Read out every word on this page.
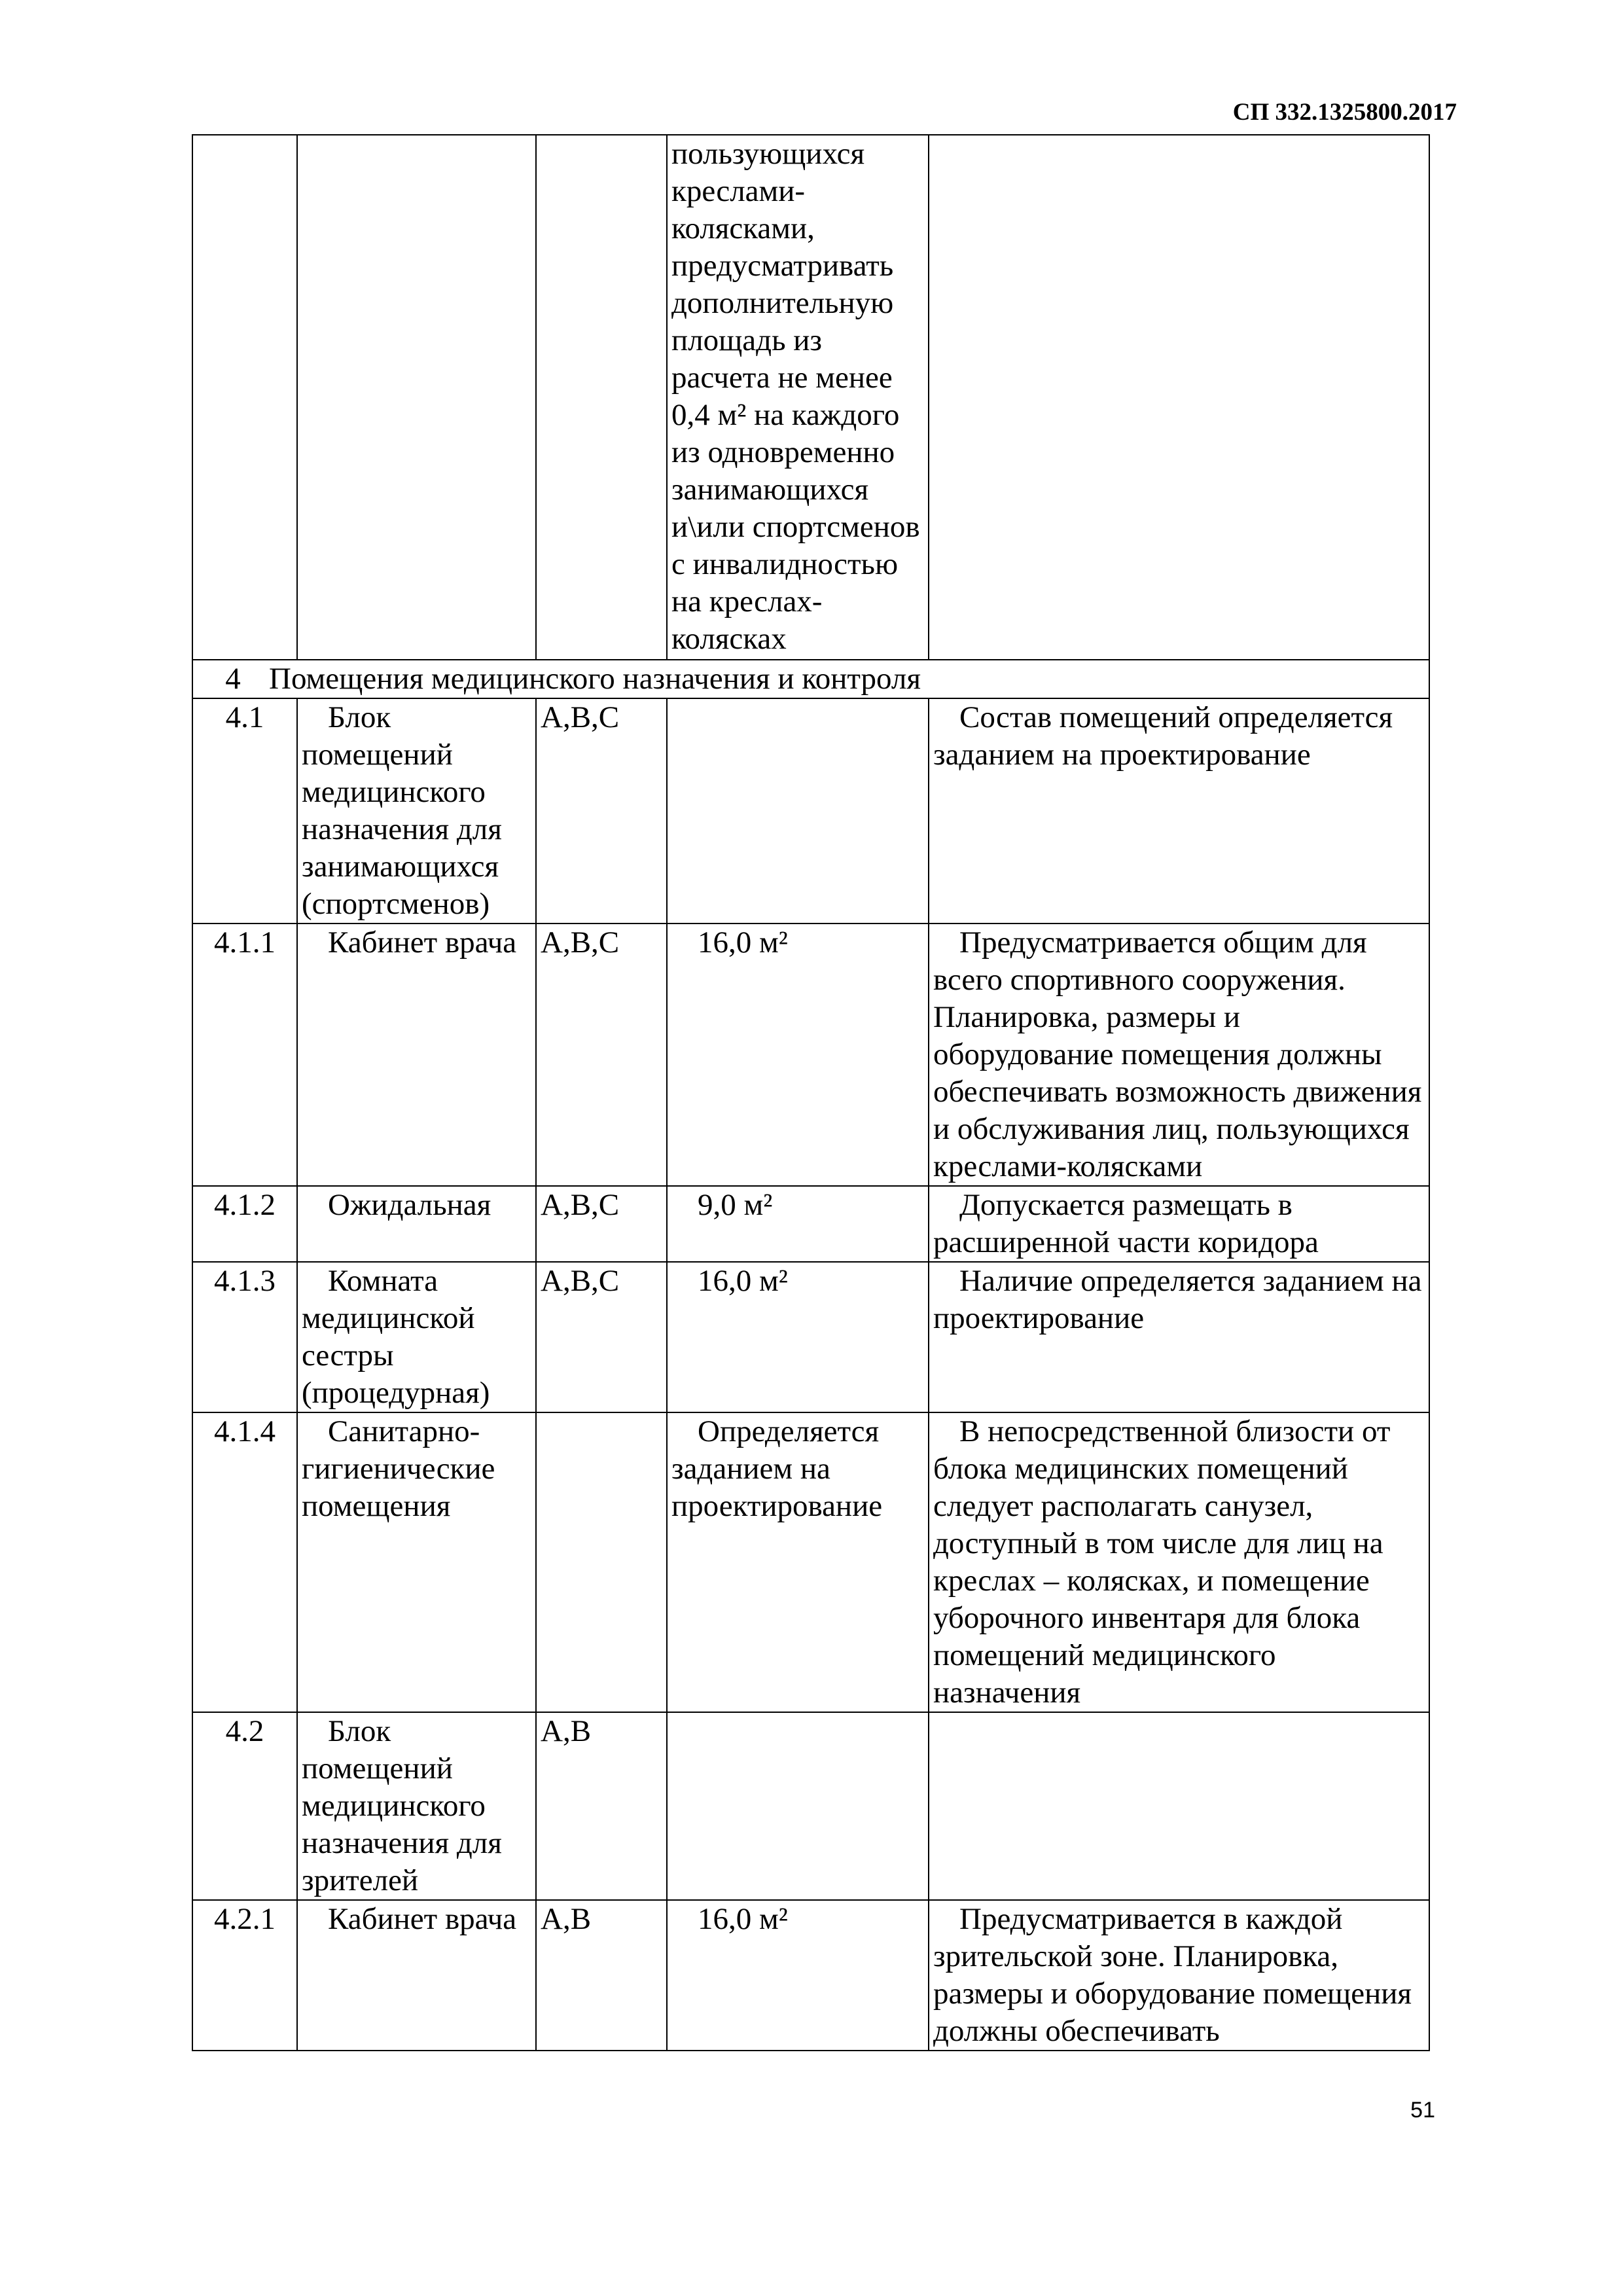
СП 332.1325800.2017
			пользующихся креслами-колясками, предусматривать дополнительную площадь из расчета не менее 0,4 м² на каждого из одновременно занимающихся и\или спортсменов с инвалидностью на креслах-колясках	
4 Помещения медицинского назначения и контроля				
4.1	Блок помещений медицинского назначения для занимающихся (спортсменов)	А,В,С		Состав помещений определяется заданием на проектирование
4.1.1	Кабинет врача	А,В,С	16,0 м²	Предусматривается общим для всего спортивного сооружения. Планировка, размеры и оборудование помещения должны обеспечивать возможность движения и обслуживания лиц, пользующихся креслами-колясками
4.1.2	Ожидальная	А,В,С	9,0 м²	Допускается размещать в расширенной части коридора
4.1.3	Комната медицинской сестры (процедурная)	А,В,С	16,0 м²	Наличие определяется заданием на проектирование
4.1.4	Санитарно-гигиенические помещения		Определяется заданием на проектирование	В непосредственной близости от блока медицинских помещений следует располагать санузел, доступный в том числе для лиц на креслах – колясках, и помещение уборочного инвентаря для блока помещений медицинского назначения
4.2	Блок помещений медицинского назначения для зрителей	А,В		
4.2.1	Кабинет врача	А,В	16,0 м²	Предусматривается в каждой зрительской зоне. Планировка, размеры и оборудование помещения должны обеспечивать
51
